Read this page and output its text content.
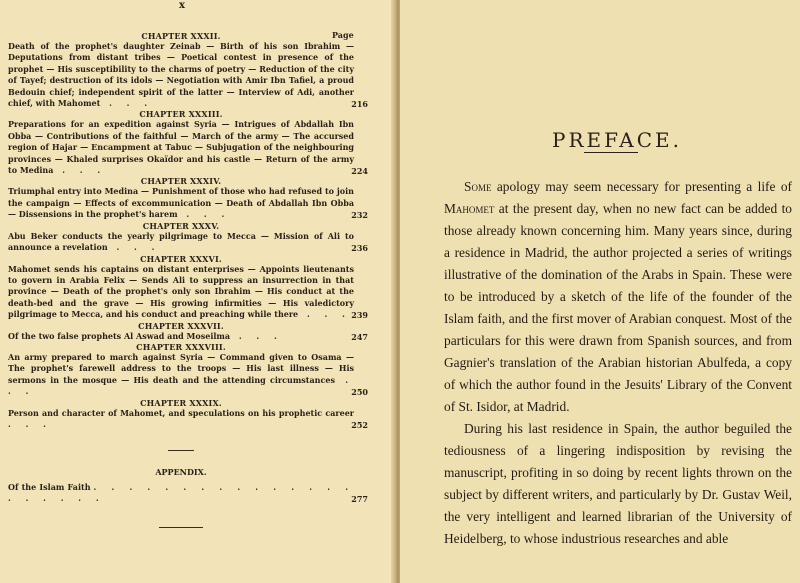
x
Page
CHAPTER XXXII.
Death of the prophet's daughter Zeinab — Birth of his son Ibrahim — Deputations from distant tribes — Poetical contest in presence of the prophet — His susceptibility to the charms of poetry — Reduction of the city of Tayef; destruction of its idols — Negotiation with Amir Ibn Tafiel, a proud Bedouin chief; independent spirit of the latter — Interview of Adi, another chief, with Mahomet . . .	216
CHAPTER XXXIII.
Preparations for an expedition against Syria — Intrigues of Abdallah Ibn Obba — Contributions of the faithful — March of the army — The accursed region of Hajar — Encampment at Tabuc — Subjugation of the neighbouring provinces — Khaled surprises Okaïdor and his castle — Return of the army to Medina . . .	224
CHAPTER XXXIV.
Triumphal entry into Medina — Punishment of those who had refused to join the campaign — Effects of excommunication — Death of Abdallah Ibn Obba — Dissensions in the prophet's harem . . .	232
CHAPTER XXXV.
Abu Beker conducts the yearly pilgrimage to Mecca — Mission of Ali to announce a revelation . . .	236
CHAPTER XXXVI.
Mahomet sends his captains on distant enterprises — Appoints lieutenants to govern in Arabia Felix — Sends Ali to suppress an insurrection in that province — Death of the prophet's only son Ibrahim — His conduct at the death-bed and the grave — His growing infirmities — His valedictory pilgrimage to Mecca, and his conduct and preaching while there . . . 239
CHAPTER XXXVII.
Of the two false prophets Al Aswad and Moseilma . . .	247
CHAPTER XXXVIII.
An army prepared to march against Syria — Command given to Osama — The prophet's farewell address to the troops — His last illness — His sermons in the mosque — His death and the attending circumstances . . .	250
CHAPTER XXXIX.
Person and character of Mahomet, and speculations on his prophetic career . . .	252
APPENDIX.
Of the Islam Faith . . . . . . . . . . . . . . . . . . . . .	277
PREFACE.

Some apology may seem necessary for presenting a life of Mahomet at the present day, when no new fact can be added to those already known concerning him. Many years since, during a residence in Madrid, the author projected a series of writings illustrative of the domination of the Arabs in Spain. These were to be introduced by a sketch of the life of the founder of the Islam faith, and the first mover of Arabian conquest. Most of the particulars for this were drawn from Spanish sources, and from Gagnier's translation of the Arabian historian Abulfeda, a copy of which the author found in the Jesuits' Library of the Convent of St. Isidor, at Madrid.

During his last residence in Spain, the author beguiled the tediousness of a lingering indisposition by revising the manuscript, profiting in so doing by recent lights thrown on the subject by different writers, and particularly by Dr. Gustav Weil, the very intelligent and learned librarian of the University of Heidelberg, to whose industrious researches and able
